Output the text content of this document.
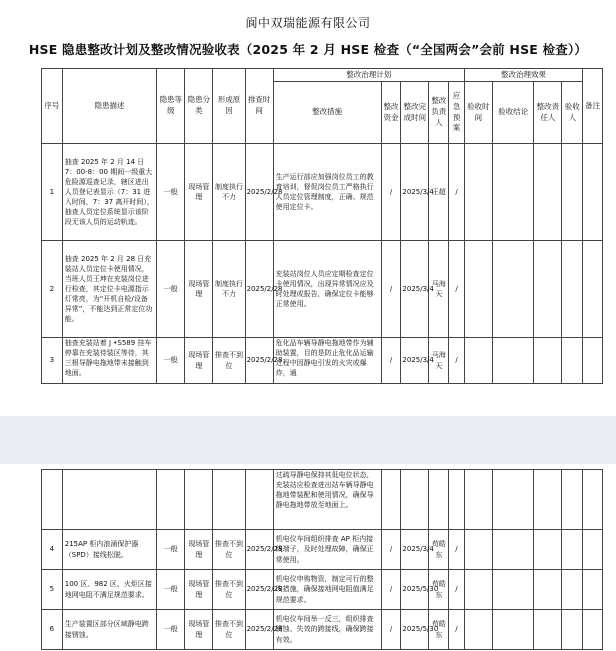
阆中双瑞能源有限公司
HSE 隐患整改计划及整改情况验收表（2025 年 2 月 HSE 检查（“全国两会”会前 HSE 检查））
序号	隐患描述	隐患等级	隐患分类	形成原因	排查时间	整改治理计划					整改治理效果				备注
						整改措施	整改资金	整改完成时间	整改负责人	应急预案	验收时间	验收结论	整改责任人	验收人	
1	抽查 2025 年 2 月 14 日 7：00-8：00 期间一级重大危险源巡查记录，辖区进出人员登记表显示（7：31 进入时间，7：37 离开时间），抽查人员定位系统显示该阶段无该人员的运动轨迹。	一般	现场管理	制度执行不力	2025/2/28	生产运行部应加强岗位员工的教育培训，督促岗位员工严格执行人员定位管理制度，正确、规范使用定位卡。	/	2025/3/4	王超	/					
2	抽查 2025 年 2 月 28 日充装站人员定位卡使用情况，当班人员王坤在充装岗位进行检查，其定位卡电源指示灯常亮，为“开机自检/设备异常”，不能达到正常定位功能。	一般	现场管理	制度执行不力	2025/2/28	充装站岗位人员应定期检查定位卡使用情况，出现异常情况应及时处理或报告，确保定位卡能够正常使用。	/	2025/3/4	马海天	/					
3	抽查充装站着 J •S589 挂车停靠在充装待装区等待，其三根导静电拖地带未接触到地面。	一般	现场管理	排查不到位	2025/2/28	危化品车辆导静电拖地带作为辅助装置，目的是防止危化品运输过程中因静电引发的火灾或爆炸，通	/	2025/3/4	马海天	/					
						过疏导静电保持其低电位状态，充装站应检查进出站车辆导静电拖地带装配和使用情况，确保导静电拖地带放至地面上。									
4	215AP 柜内浪涌保护器（SPD）接线松脱。	一般	现场管理	排查不到位	2025/2/28	机电仪车间组织排查 AP 柜内接线端子，及时处理故障，确保正常使用。	/	2025/3/4	苟皓东	/					
5	100 区、982 区、火炬区接地网电阻不满足规范要求。	一般	现场管理	排查不到位	2025/2/28	机电仪申购物资，制定可行的整改措施，确保接地网电阻值满足规范要求。	/	2025/5/30	苟皓东	/					
6	生产装置区部分区域静电跨接锈蚀。	一般	现场管理	排查不到位	2025/2/28	机电仪车间举一反三，组织排查锈蚀、失效的跨接线，确保跨接有效。	/	2025/5/30	苟皓东	/					
